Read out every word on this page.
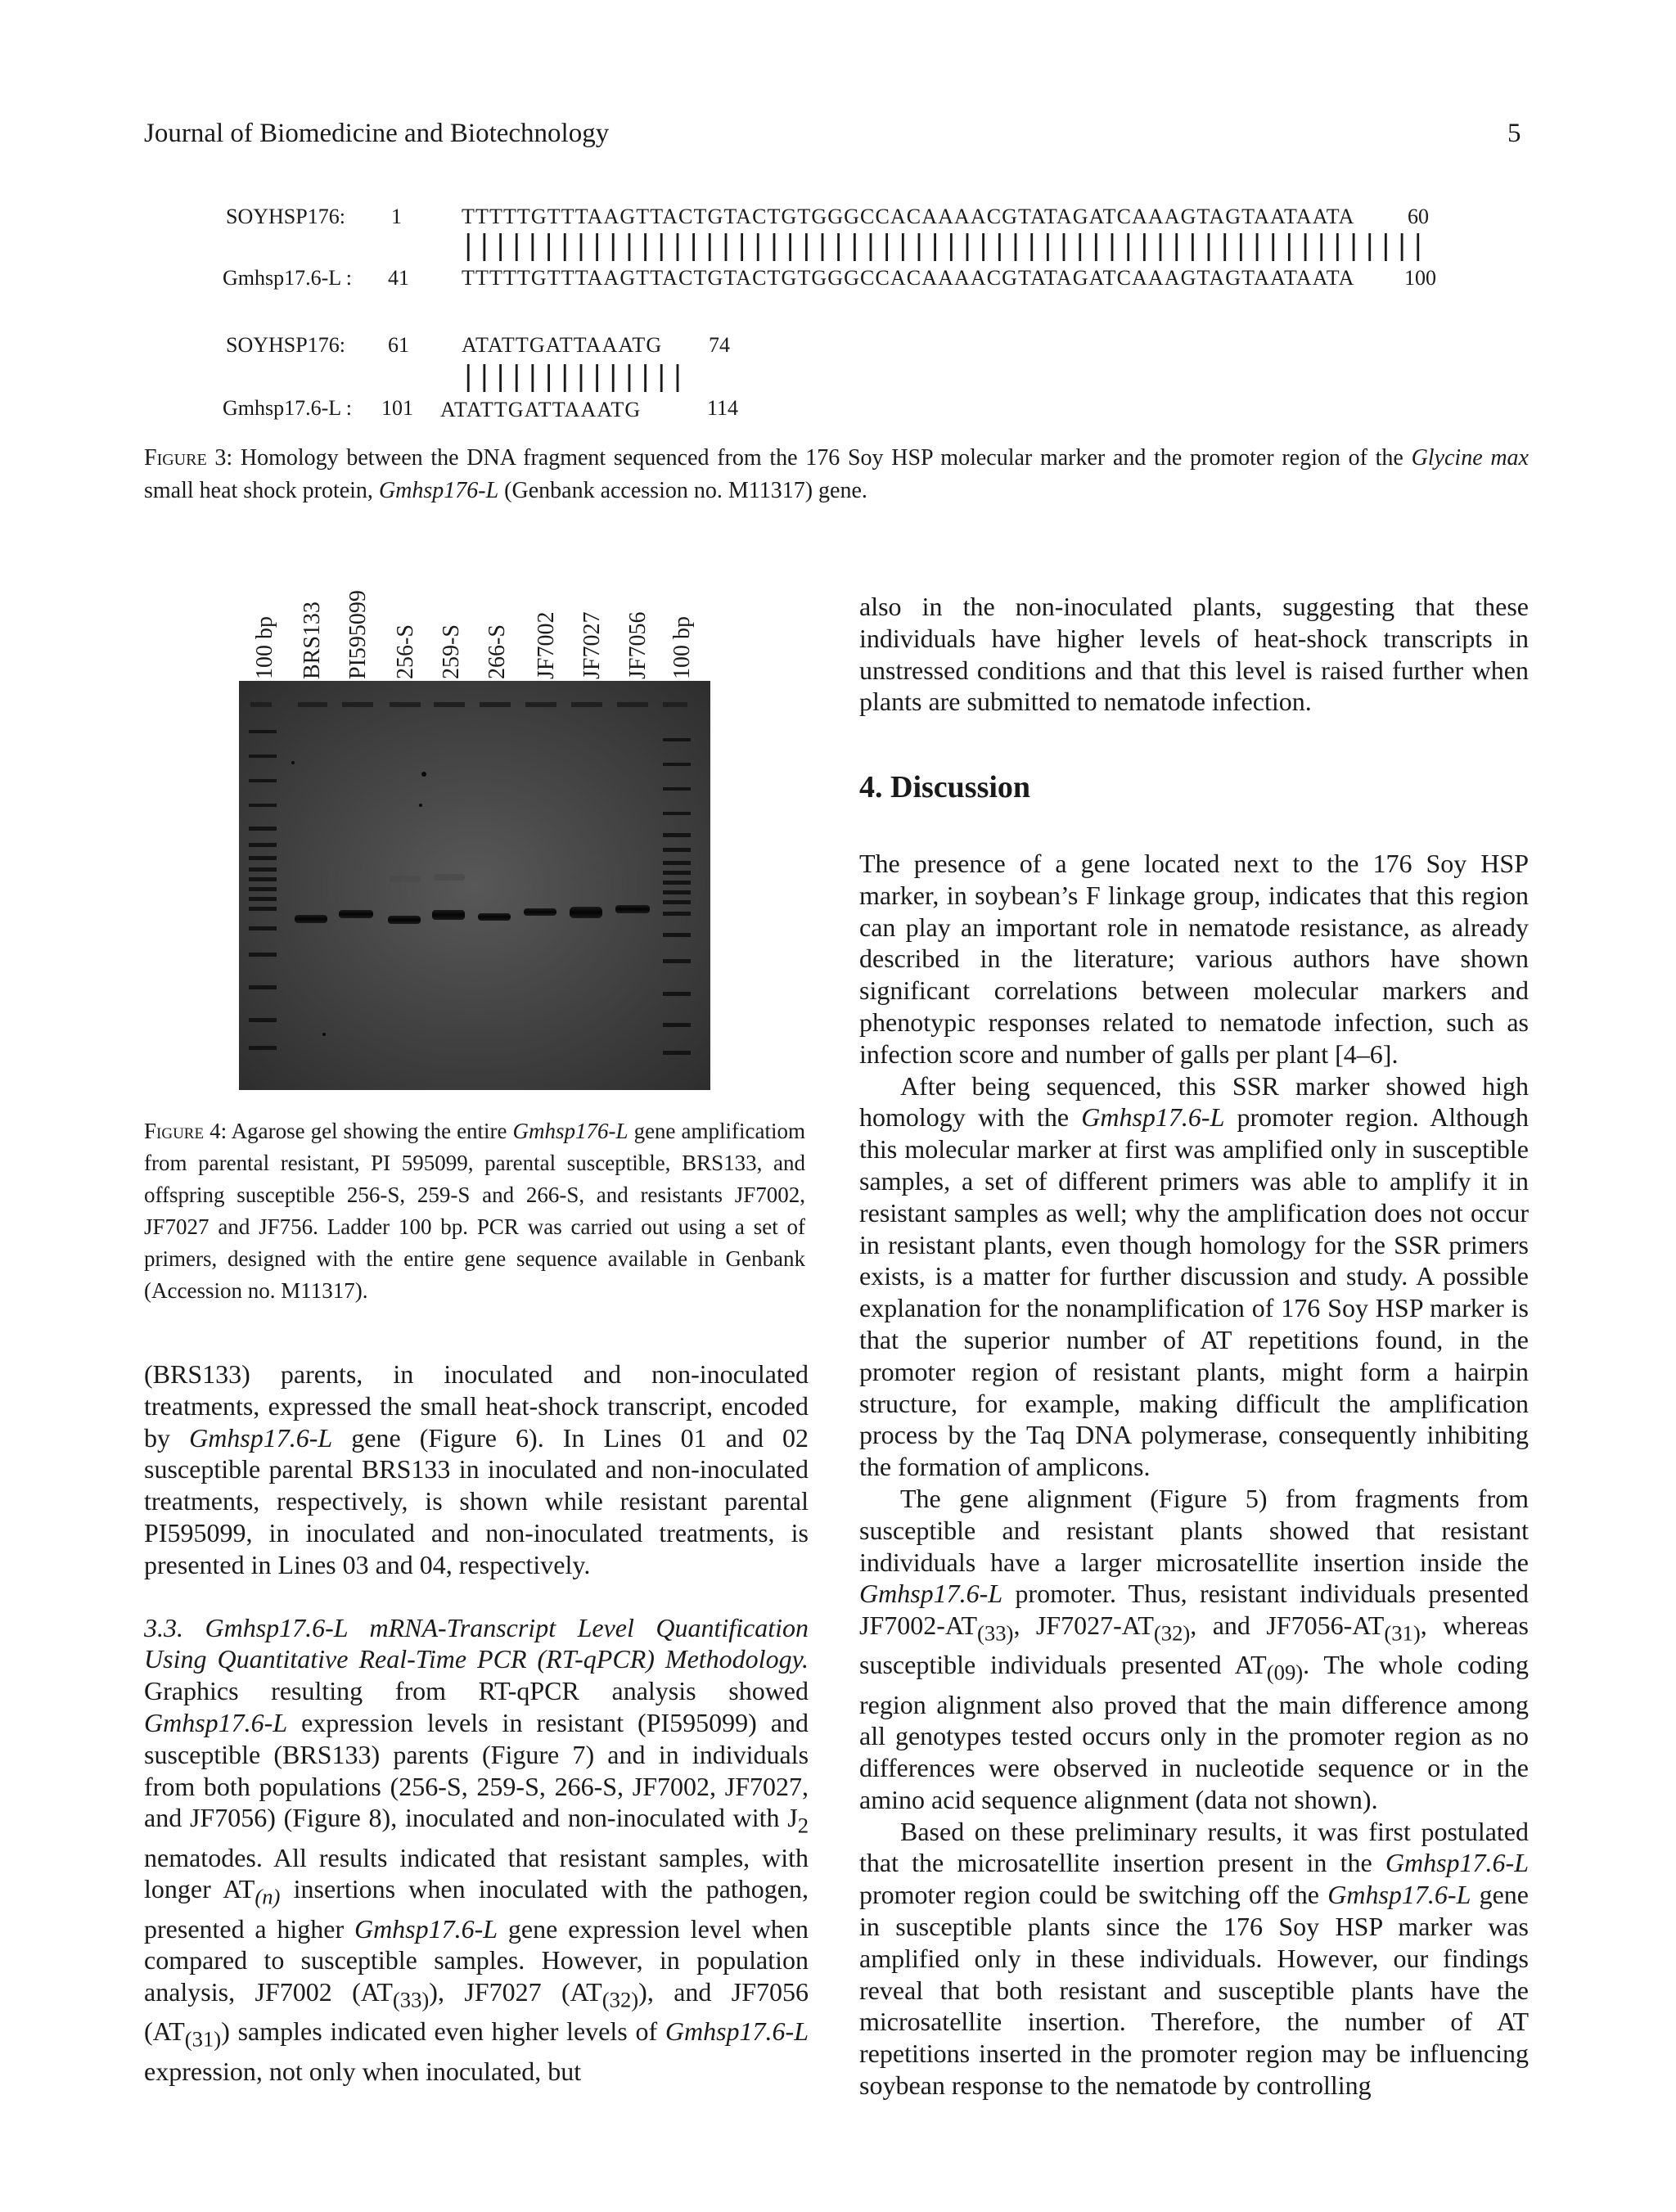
Journal of Biomedicine and Biotechnology	5
SOYHSP176: 1	TTTTTGTTTAAGTTACTGTACTGTGGGCCACAAAACGTATAGATCAAAGTAGTAATAATA 60
||||||||||||||||||||||||||||||||||||||||||||||||||||||||||||
Gmhsp17.6-L : 41 TTTTTGTTTAAGTTACTGTACTGTGGGCCACAAAACGTATAGATCAAAGTAGTAATAATA 100
SOYHSP176: 61 ATATTGATTAAATG 74
||||||||||||||
Gmhsp17.6-L : 101 ATATTGATTAAATG	114
Figure 3: Homology between the DNA fragment sequenced from the 176 Soy HSP molecular marker and the promoter region of the Glycine max small heat shock protein, Gmhsp176-L (Genbank accession no. M11317) gene.
100 bp BRS133 PI595099 256-S 259-S 266-S JF7002 JF7027 JF7056 100 bp
Figure 4: Agarose gel showing the entire Gmhsp176-L gene amplificatiom from parental resistant, PI 595099, parental susceptible, BRS133, and offspring susceptible 256-S, 259-S and 266-S, and resistants JF7002, JF7027 and JF756. Ladder 100 bp. PCR was carried out using a set of primers, designed with the entire gene sequence available in Genbank (Accession no. M11317).

(BRS133) parents, in inoculated and non-inoculated treatments, expressed the small heat-shock transcript, encoded by Gmhsp17.6-L gene (Figure 6). In Lines 01 and 02 susceptible parental BRS133 in inoculated and non-inoculated treatments, respectively, is shown while resistant parental PI595099, in inoculated and non-inoculated treatments, is presented in Lines 03 and 04, respectively.

3.3. Gmhsp17.6-L mRNA-Transcript Level Quantification Using Quantitative Real-Time PCR (RT-qPCR) Methodology. Graphics resulting from RT-qPCR analysis showed Gmhsp17.6-L expression levels in resistant (PI595099) and susceptible (BRS133) parents (Figure 7) and in individuals from both populations (256-S, 259-S, 266-S, JF7002, JF7027, and JF7056) (Figure 8), inoculated and non-inoculated with $J_2$ nematodes. All results indicated that resistant samples, with longer $AT_{(n)}$ insertions when inoculated with the pathogen, presented a higher Gmhsp17.6-L gene expression level when compared to susceptible samples. However, in population analysis, JF7002 $(AT_{(33)})$, JF7027 $(AT_{(32)})$, and JF7056 $(AT_{(31)})$ samples indicated even higher levels of Gmhsp17.6-L expression, not only when inoculated, but

also in the non-inoculated plants, suggesting that these individuals have higher levels of heat-shock transcripts in unstressed conditions and that this level is raised further when plants are submitted to nematode infection.

4. Discussion

The presence of a gene located next to the 176 Soy HSP marker, in soybean’s F linkage group, indicates that this region can play an important role in nematode resistance, as already described in the literature; various authors have shown significant correlations between molecular markers and phenotypic responses related to nematode infection, such as infection score and number of galls per plant [4–6].

After being sequenced, this SSR marker showed high homology with the Gmhsp17.6-L promoter region. Although this molecular marker at first was amplified only in susceptible samples, a set of different primers was able to amplify it in resistant samples as well; why the amplification does not occur in resistant plants, even though homology for the SSR primers exists, is a matter for further discussion and study. A possible explanation for the nonamplification of 176 Soy HSP marker is that the superior number of AT repetitions found, in the promoter region of resistant plants, might form a hairpin structure, for example, making difficult the amplification process by the Taq DNA polymerase, consequently inhibiting the formation of amplicons.

The gene alignment (Figure 5) from fragments from susceptible and resistant plants showed that resistant individuals have a larger microsatellite insertion inside the Gmhsp17.6-L promoter. Thus, resistant individuals presented $JF7002-AT_{(33)}$, $JF7027-AT_{(32)}$, and $JF7056-AT_{(31)}$, whereas susceptible individuals presented $AT_{(09)}$. The whole coding region alignment also proved that the main difference among all genotypes tested occurs only in the promoter region as no differences were observed in nucleotide sequence or in the amino acid sequence alignment (data not shown).

Based on these preliminary results, it was first postulated that the microsatellite insertion present in the Gmhsp17.6-L promoter region could be switching off the Gmhsp17.6-L gene in susceptible plants since the 176 Soy HSP marker was amplified only in these individuals. However, our findings reveal that both resistant and susceptible plants have the microsatellite insertion. Therefore, the number of AT repetitions inserted in the promoter region may be influencing soybean response to the nematode by controlling
